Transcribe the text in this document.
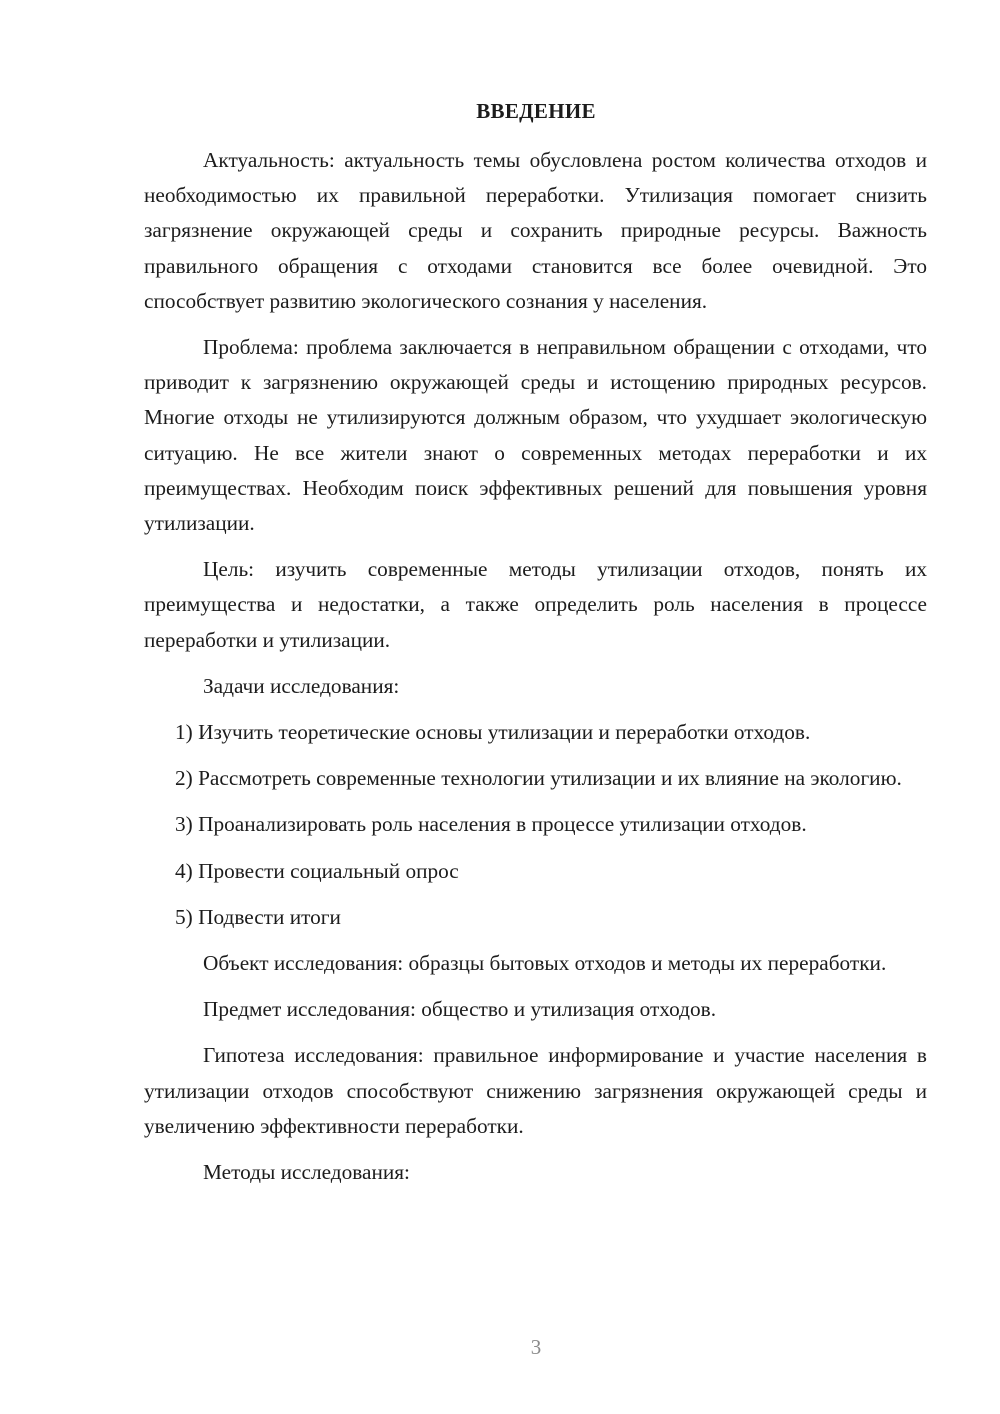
ВВЕДЕНИЕ

Актуальность: актуальность темы обусловлена ростом количества отходов и необходимостью их правильной переработки. Утилизация помогает снизить загрязнение окружающей среды и сохранить природные ресурсы. Важность правильного обращения с отходами становится все более очевидной. Это способствует развитию экологического сознания у населения.

Проблема: проблема заключается в неправильном обращении с отходами, что приводит к загрязнению окружающей среды и истощению природных ресурсов. Многие отходы не утилизируются должным образом, что ухудшает экологическую ситуацию. Не все жители знают о современных методах переработки и их преимуществах. Необходим поиск эффективных решений для повышения уровня утилизации.

Цель: изучить современные методы утилизации отходов, понять их преимущества и недостатки, а также определить роль населения в процессе переработки и утилизации.

Задачи исследования:

1) Изучить теоретические основы утилизации и переработки отходов.

2) Рассмотреть современные технологии утилизации и их влияние на экологию.

3) Проанализировать роль населения в процессе утилизации отходов.

4) Провести социальный опрос

5) Подвести итоги

Объект исследования: образцы бытовых отходов и методы их переработки.

Предмет исследования: общество и утилизация отходов.

Гипотеза исследования: правильное информирование и участие населения в утилизации отходов способствуют снижению загрязнения окружающей среды и увеличению эффективности переработки.

Методы исследования:

3
